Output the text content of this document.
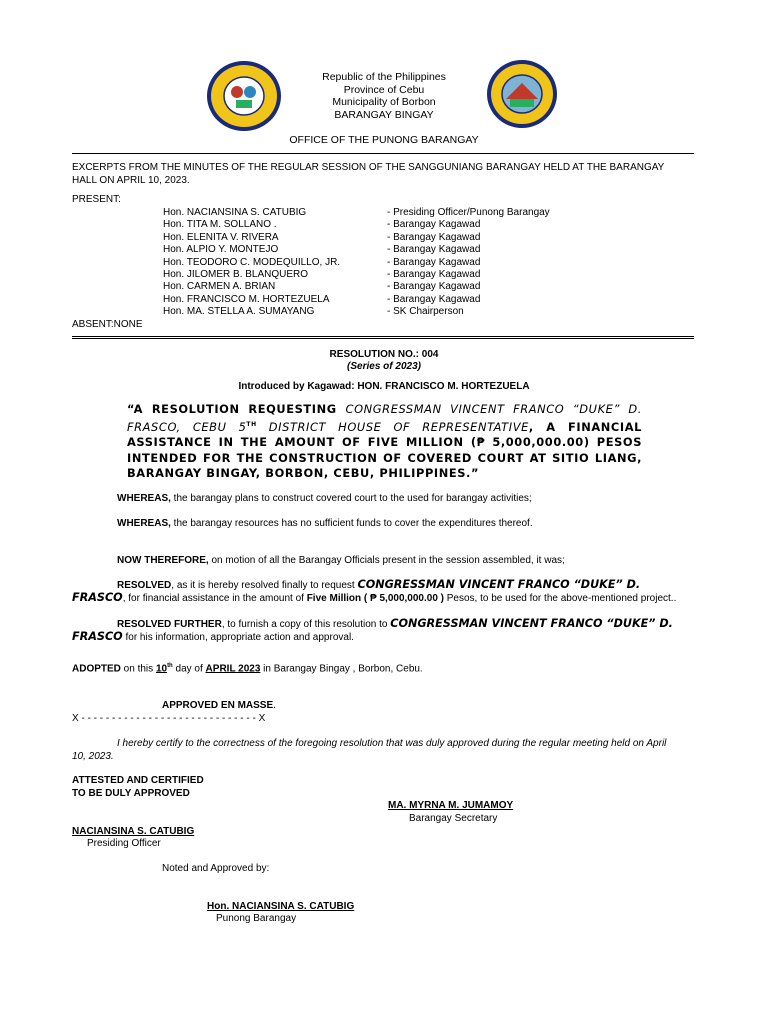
Republic of the Philippines
Province of Cebu
Municipality of Borbon
BARANGAY BINGAY
OFFICE OF THE PUNONG BARANGAY
EXCERPTS FROM THE MINUTES OF THE REGULAR SESSION OF THE SANGGUNIANG BARANGAY HELD AT THE BARANGAY
HALL ON APRIL 10, 2023.
PRESENT:
Hon. NACIANSINA S. CATUBIG	- Presiding Officer/Punong Barangay
Hon. TITA M. SOLLANO .	- Barangay Kagawad
Hon. ELENITA V. RIVERA	- Barangay Kagawad
Hon. ALPIO Y. MONTEJO	- Barangay Kagawad
Hon. TEODORO C. MODEQUILLO, JR.	- Barangay Kagawad
Hon. JILOMER B. BLANQUERO	- Barangay Kagawad
Hon. CARMEN A. BRIAN	- Barangay Kagawad
Hon. FRANCISCO M. HORTEZUELA	- Barangay Kagawad
Hon. MA. STELLA A. SUMAYANG	- SK Chairperson
ABSENT:NONE
RESOLUTION NO.: 004
(Series of 2023)
Introduced by Kagawad: HON. FRANCISCO M. HORTEZUELA
“A RESOLUTION REQUESTING CONGRESSMAN VINCENT FRANCO “DUKE” D. FRASCO, CEBU 5TH DISTRICT HOUSE OF REPRESENTATIVE, A FINANCIAL ASSISTANCE IN THE AMOUNT OF FIVE MILLION (₱ 5,000,000.00) PESOS INTENDED FOR THE CONSTRUCTION OF COVERED COURT AT SITIO LIANG, BARANGAY BINGAY, BORBON, CEBU, PHILIPPINES.”
WHEREAS, the barangay plans to construct covered court to the used for barangay activities;
WHEREAS, the barangay resources has no sufficient funds to cover the expenditures thereof.
NOW THEREFORE, on motion of all the Barangay Officials present in the session assembled, it was;
RESOLVED, as it is hereby resolved finally to request CONGRESSMAN VINCENT FRANCO “DUKE” D.
FRASCO, for financial assistance in the amount of Five Million ( ₱ 5,000,000.00 ) Pesos, to be used for the above-mentioned project..
RESOLVED FURTHER, to furnish a copy of this resolution to CONGRESSMAN VINCENT FRANCO “DUKE” D.
FRASCO for his information, appropriate action and approval.
ADOPTED on this 10th day of APRIL 2023 in Barangay Bingay , Borbon, Cebu.
APPROVED EN MASSE.
X - - - - - - - - - - - - - - - - - - - - - - - - - - - - - X
I hereby certify to the correctness of the foregoing resolution that was duly approved during the regular meeting held on April
10, 2023.
ATTESTED AND CERTIFIED
TO BE DULY APPROVED
MA. MYRNA M. JUMAMOY
Barangay Secretary
NACIANSINA S. CATUBIG
Presiding Officer
Noted and Approved by:
Hon. NACIANSINA S. CATUBIG
Punong Barangay
